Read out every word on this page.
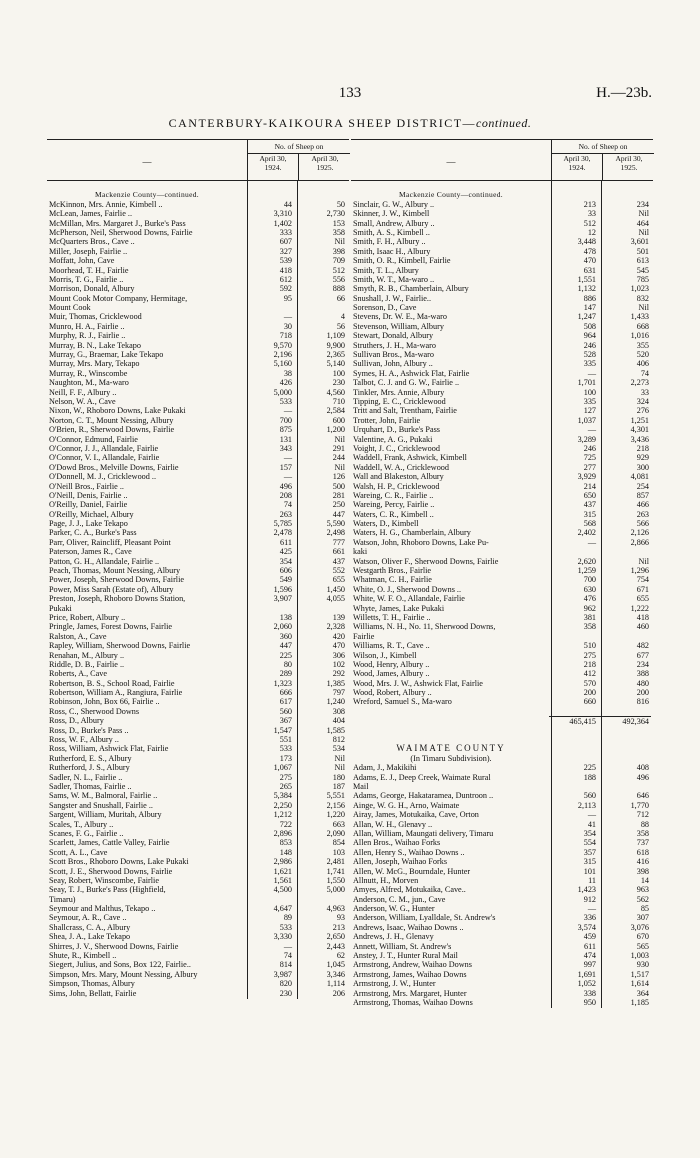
133	H.—23b.
CANTERBURY-KAIKOURA SHEEP DISTRICT—continued.
—
No. of Sheep on
April 30,
1924.
April 30,
1925.
Mackenzie County—continued.
McKinnon, Mrs. Annie, Kimbell ..	44	50
McLean, James, Fairlie ..	3,310	2,730
McMillan, Mrs. Margaret J., Burke's Pass	1,402	153
McPherson, Neil, Sherwood Downs, Fairlie	333	358
McQuarters Bros., Cave ..	607	Nil
Miller, Joseph, Fairlie ..	327	398
Moffatt, John, Cave	539	709
Moorhead, T. H., Fairlie	418	512
Morris, T. G., Fairlie ..	612	556
Morrison, Donald, Albury	592	888
Mount Cook Motor Company, Hermitage,	95	66
Mount Cook
Muir, Thomas, Cricklewood	—	4
Munro, H. A., Fairlie ..	30	56
Murphy, R. J., Fairlie ..	718	1,109
Murray, B. N., Lake Tekapo	9,570	9,900
Murray, G., Braemar, Lake Tekapo	2,196	2,365
Murray, Mrs. Mary, Tekapo	5,160	5,140
Murray, R., Winscombe	38	100
Naughton, M., Ma-waro	426	230
Neill, F. F., Albury ..	5,000	4,560
Nelson, W. A., Cave	533	710
Nixon, W., Rhoboro Downs, Lake Pukaki	—	2,584
Norton, C. T., Mount Nessing, Albury	700	600
O'Brien, R., Sherwood Downs, Fairlie	875	1,200
O'Connor, Edmund, Fairlie	131	Nil
O'Connor, J. J., Allandale, Fairlie	343	291
O'Connor, V. I., Allandale, Fairlie	—	244
O'Dowd Bros., Melville Downs, Fairlie	157	Nil
O'Donnell, M. J., Cricklewood ..	—	126
O'Neill Bros., Fairlie ..	496	500
O'Neill, Denis, Fairlie ..	208	281
O'Reilly, Daniel, Fairlie	74	250
O'Reilly, Michael, Albury	263	447
Page, J. J., Lake Tekapo	5,785	5,590
Parker, C. A., Burke's Pass	2,478	2,498
Parr, Oliver, Raincliff, Pleasant Point	611	777
Paterson, James R., Cave	425	661
Patton, G. H., Allandale, Fairlie ..	354	437
Peach, Thomas, Mount Nessing, Albury	606	552
Power, Joseph, Sherwood Downs, Fairlie	549	655
Power, Miss Sarah (Estate of), Albury	1,596	1,450
Preston, Joseph, Rhoboro Downs Station,	3,907	4,055
Pukaki
Price, Robert, Albury ..	138	139
Pringle, James, Forest Downs, Fairlie	2,060	2,328
Ralston, A., Cave	360	420
Rapley, William, Sherwood Downs, Fairlie	447	470
Renahan, M., Albury ..	225	306
Riddle, D. B., Fairlie ..	80	102
Roberts, A., Cave	289	292
Robertson, B. S., School Road, Fairlie	1,323	1,385
Robertson, William A., Rangiura, Fairlie	666	797
Robinson, John, Box 66, Fairlie ..	617	1,240
Ross, C., Sherwood Downs	560	308
Ross, D., Albury	367	404
Ross, D., Burke's Pass ..	1,547	1,585
Ross, W. F., Albury ..	551	812
Ross, William, Ashwick Flat, Fairlie	533	534
Rutherford, E. S., Albury	173	Nil
Rutherford, J. S., Albury	1,067	Nil
Sadler, N. L., Fairlie ..	275	180
Sadler, Thomas, Fairlie ..	265	187
Sams, W. M., Balmoral, Fairlie ..	5,384	5,551
Sangster and Snushall, Fairlie ..	2,250	2,156
Sargent, William, Muritah, Albury	1,212	1,220
Scales, T., Albury ..	722	663
Scanes, F. G., Fairlie ..	2,896	2,090
Scarlett, James, Cattle Valley, Fairlie	853	854
Scott, A. L., Cave	148	103
Scott Bros., Rhoboro Downs, Lake Pukaki	2,986	2,481
Scott, J. E., Sherwood Downs, Fairlie	1,621	1,741
Seay, Robert, Winscombe, Fairlie	1,561	1,550
Seay, T. J., Burke's Pass (Highfield,	4,500	5,000
Timaru)
Seymour and Malthus, Tekapo ..	4,647	4,963
Seymour, A. R., Cave ..	89	93
Shallcrass, C. A., Albury	533	213
Shea, J. A., Lake Tekapo	3,330	2,650
Shirres, J. V., Sherwood Downs, Fairlie	—	2,443
Shute, R., Kimbell ..	74	62
Siegert, Julius, and Sons, Box 122, Fairlie..	814	1,045
Simpson, Mrs. Mary, Mount Nessing, Albury	3,987	3,346
Simpson, Thomas, Albury	820	1,114
Sims, John, Bellatt, Fairlie	230	206
—
No. of Sheep on
April 30,
1924.
April 30,
1925.
Mackenzie County—continued.
Sinclair, G. W., Albury ..	213	234
Skinner, J. W., Kimbell	33	Nil
Small, Andrew, Albury ..	512	464
Smith, A. S., Kimbell ..	12	Nil
Smith, F. H., Albury ..	3,448	3,601
Smith, Isaac H., Albury	478	501
Smith, O. R., Kimbell, Fairlie	470	613
Smith, T. L., Albury	631	545
Smith, W. T., Ma-waro ..	1,551	785
Smyth, R. B., Chamberlain, Albury	1,132	1,023
Snushall, J. W., Fairlie..	886	832
Sorenson, D., Cave	147	Nil
Stevens, Dr. W. E., Ma-waro	1,247	1,433
Stevenson, William, Albury	508	668
Stewart, Donald, Albury	964	1,016
Struthers, J. H., Ma-waro	246	355
Sullivan Bros., Ma-waro	528	520
Sullivan, John, Albury ..	335	406
Symes, H. A., Ashwick Flat, Fairlie	—	74
Talbot, C. J. and G. W., Fairlie ..	1,701	2,273
Tinkler, Mrs. Annie, Albury	100	33
Tipping, E. C., Cricklewood	335	324
Tritt and Salt, Trentham, Fairlie	127	276
Trotter, John, Fairlie	1,037	1,251
Urquhart, D., Burke's Pass	—	4,301
Valentine, A. G., Pukaki	3,289	3,436
Voight, J. C., Cricklewood	246	218
Waddell, Frank, Ashwick, Kimbell	725	929
Waddell, W. A., Cricklewood	277	300
Wall and Blakeston, Albury	3,929	4,081
Walsh, H. P., Cricklewood	214	254
Wareing, C. R., Fairlie ..	650	857
Wareing, Percy, Fairlie ..	437	466
Waters, C. R., Kimbell ..	315	263
Waters, D., Kimbell	568	566
Waters, H. G., Chamberlain, Albury	2,402	2,126
Watson, John, Rhoboro Downs, Lake Pu-	—	2,866
kaki
Watson, Oliver F., Sherwood Downs, Fairlie	2,620	Nil
Westgarth Bros., Fairlie	1,259	1,296
Whatman, C. H., Fairlie	700	754
White, O. J., Sherwood Downs ..	630	671
White, W. F. O., Allandale, Fairlie	476	655
Whyte, James, Lake Pukaki	962	1,222
Willetts, T. H., Fairlie ..	381	418
Williams, N. H., No. 11, Sherwood Downs,	358	460
Fairlie
Williams, R. T., Cave ..	510	482
Wilson, J., Kimbell	275	677
Wood, Henry, Albury ..	218	234
Wood, James, Albury ..	412	388
Wood, Mrs. J. W., Ashwick Flat, Fairlie	570	480
Wood, Robert, Albury ..	200	200
Wreford, Samuel S., Ma-waro	660	816
465,415	492,364
WAIMATE COUNTY
(In Timaru Subdivision).
Adam, J., Makikihi	225	408
Adams, E. J., Deep Creek, Waimate Rural	188	496
Mail
Adams, George, Hakataramea, Duntroon ..	560	646
Ainge, W. G. H., Arno, Waimate	2,113	1,770
Airay, James, Motukaika, Cave, Orton	—	712
Allan, W. H., Glenavy ..	41	88
Allan, William, Maungati delivery, Timaru	354	358
Allen Bros., Waihao Forks	554	737
Allen, Henry S., Waihao Downs ..	357	618
Allen, Joseph, Waihao Forks	315	416
Allen, W. McG., Bourndale, Hunter	101	398
Allnutt, H., Morven	11	14
Amyes, Alfred, Motukaika, Cave..	1,423	963
Anderson, C. M., jun., Cave	912	562
Anderson, W. G., Hunter	—	85
Anderson, William, Lyalldale, St. Andrew's	336	307
Andrews, Isaac, Waihao Downs ..	3,574	3,076
Andrews, J. H., Glenavy	459	670
Annett, William, St. Andrew's	611	565
Anstey, J. T., Hunter Rural Mail	474	1,003
Armstrong, Andrew, Waihao Downs	997	930
Armstrong, James, Waihao Downs	1,691	1,517
Armstrong, J. W., Hunter	1,052	1,614
Armstrong, Mrs. Margaret, Hunter	338	364
Armstrong, Thomas, Waihao Downs	950	1,185
